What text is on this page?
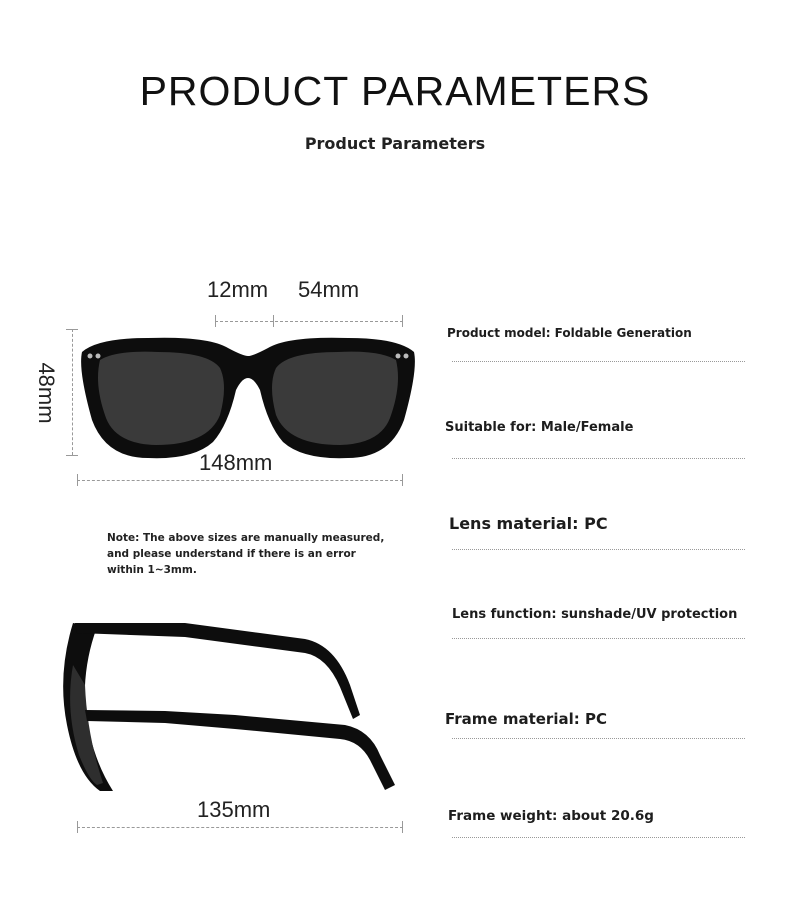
PRODUCT PARAMETERS
Product Parameters
12mm 54mm
48mm
148mm
Note: The above sizes are manually measured,
and please understand if there is an error
within 1~3mm.
135mm
Product model: Foldable Generation
Suitable for: Male/Female
Lens material: PC
Lens function: sunshade/UV protection
Frame material: PC
Frame weight: about 20.6g
